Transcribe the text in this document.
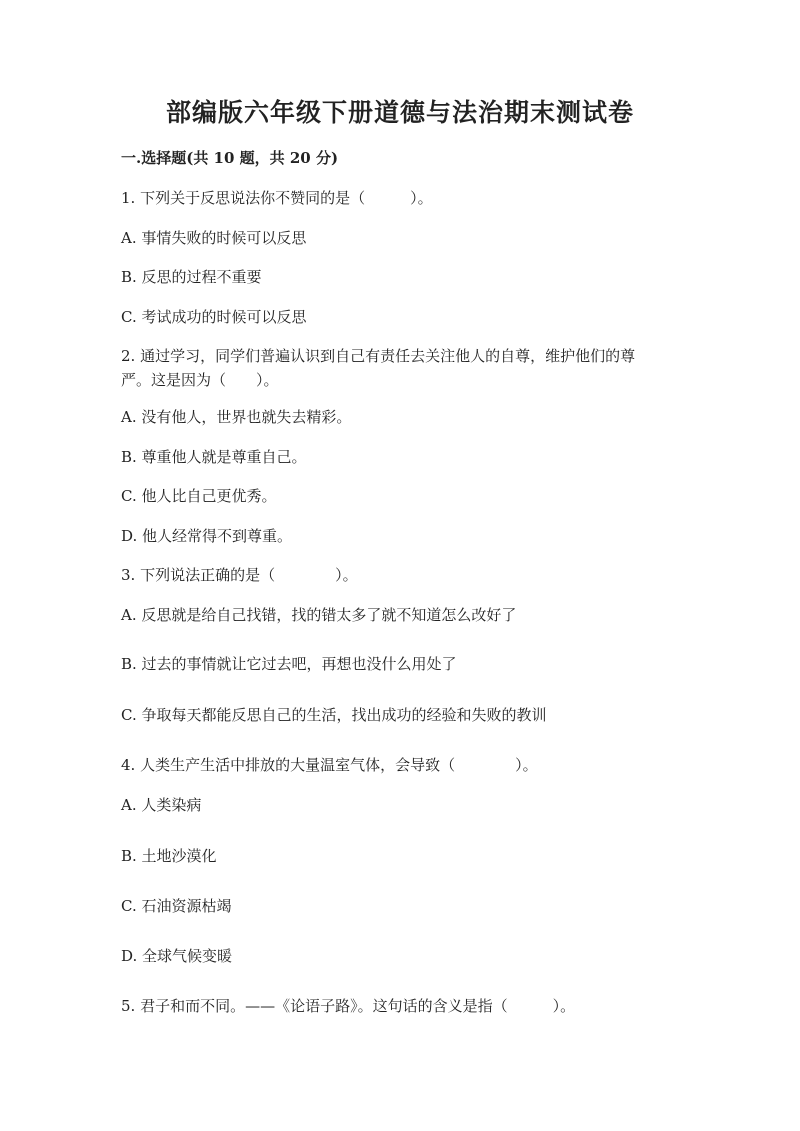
部编版六年级下册道德与法治期末测试卷
一.选择题(共 10 题，共 20 分)
1. 下列关于反思说法你不赞同的是（　　　）。
A. 事情失败的时候可以反思
B. 反思的过程不重要
C. 考试成功的时候可以反思
2. 通过学习，同学们普遍认识到自己有责任去关注他人的自尊，维护他们的尊
严。这是因为（　　）。
A. 没有他人，世界也就失去精彩。
B. 尊重他人就是尊重自己。
C. 他人比自己更优秀。
D. 他人经常得不到尊重。
3. 下列说法正确的是（　　　　）。
A. 反思就是给自己找错，找的错太多了就不知道怎么改好了
B. 过去的事情就让它过去吧，再想也没什么用处了
C. 争取每天都能反思自己的生活，找出成功的经验和失败的教训
4. 人类生产生活中排放的大量温室气体，会导致（　　　　）。
A. 人类染病
B. 土地沙漠化
C. 石油资源枯竭
D. 全球气候变暖
5. 君子和而不同。——《论语子路》。这句话的含义是指（　　　）。
